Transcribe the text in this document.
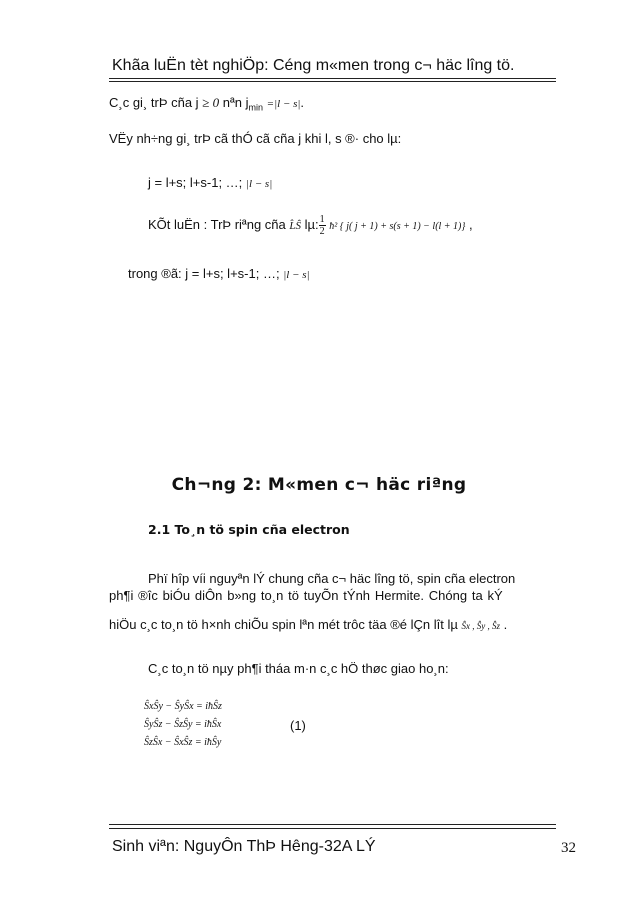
Khãa luËn tèt nghiÖp: Céng m«men trong c¬ häc lîng tö.
C¸c gi¸ trÞ cña j ≥ 0 nªn $j_{min} =|l - s|$.
VËy nh÷ng gi¸ trÞ cã thÓ cã cña j khi l, s ®· cho lµ:
j = l+s; l+s-1; …; |l − s|
KÕt luËn : TrÞ riªng cña L̂Ŝ lµ: $\frac{1}{2}$ ħ² { j( j + 1) + s(s + 1) − l(l + 1)} ,
trong ®ã: j = l+s; l+s-1; …; |l − s|
Ch¬ng 2: M«men c¬ häc riªng
2.1 To¸n tö spin cña electron
Phï hîp víi nguyªn lÝ chung cña c¬ häc lîng tö, spin cña electron
ph¶i ®îc biÓu diÔn b»ng to¸n tö tuyÕn tÝnh Hermite. Chóng ta kÝ
hiÖu c¸c to¸n tö h×nh chiÕu spin lªn mét trôc täa ®é lÇn lît lµ Ŝx , Ŝy , Ŝz .
C¸c to¸n tö nµy ph¶i tháa m·n c¸c hÖ thøc giao ho¸n:
ŜxŜy − ŜyŜx = iħŜz
ŜyŜz − ŜzŜy = iħŜx
ŜzŜx − ŜxŜz = iħŜy
(1)
Sinh viªn: NguyÔn ThÞ Hêng-32A LÝ	32
